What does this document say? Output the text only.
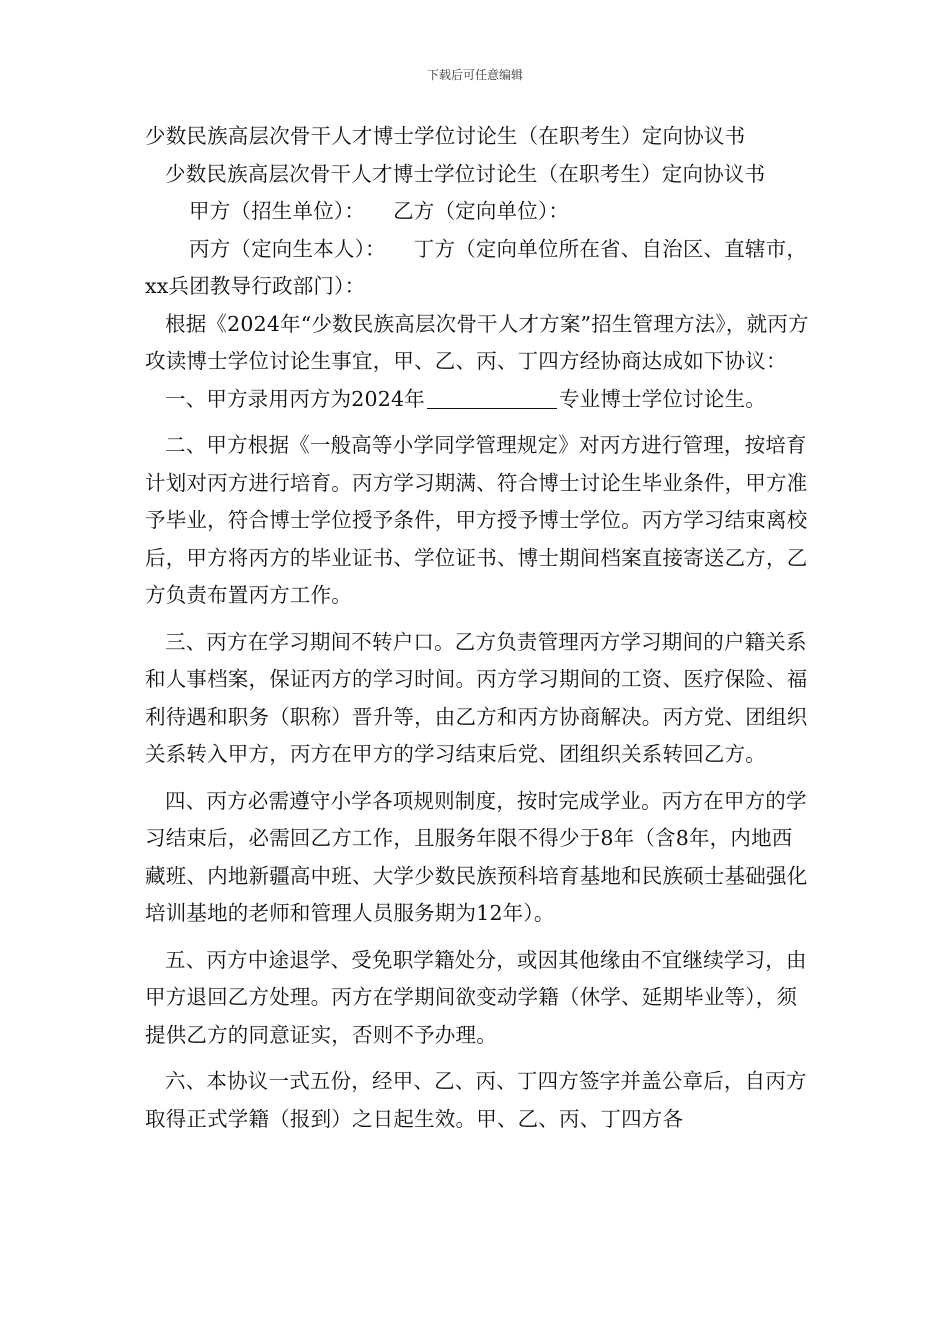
下载后可任意编辑

少数民族高层次骨干人才博士学位讨论生（在职考生）定向协议书

少数民族高层次骨干人才博士学位讨论生（在职考生）定向协议书

甲方（招生单位）： 乙方（定向单位）：

丙方（定向生本人）： 丁方（定向单位所在省、自治区、直辖市，xx兵团教导行政部门）：

根据《2024年“少数民族高层次骨干人才方案”招生管理方法》，就丙方攻读博士学位讨论生事宜，甲、乙、丙、丁四方经协商达成如下协议：

一、甲方录用丙方为2024年	专业博士学位讨论生。

二、甲方根据《一般高等小学同学管理规定》对丙方进行管理，按培育计划对丙方进行培育。丙方学习期满、符合博士讨论生毕业条件，甲方准予毕业，符合博士学位授予条件，甲方授予博士学位。丙方学习结束离校后，甲方将丙方的毕业证书、学位证书、博士期间档案直接寄送乙方，乙方负责布置丙方工作。

三、丙方在学习期间不转户口。乙方负责管理丙方学习期间的户籍关系和人事档案，保证丙方的学习时间。丙方学习期间的工资、医疗保险、福利待遇和职务（职称）晋升等，由乙方和丙方协商解决。丙方党、团组织关系转入甲方，丙方在甲方的学习结束后党、团组织关系转回乙方。

四、丙方必需遵守小学各项规则制度，按时完成学业。丙方在甲方的学习结束后，必需回乙方工作，且服务年限不得少于8年（含8年，内地西藏班、内地新疆高中班、大学少数民族预科培育基地和民族硕士基础强化培训基地的老师和管理人员服务期为12年）。

五、丙方中途退学、受免职学籍处分，或因其他缘由不宜继续学习，由甲方退回乙方处理。丙方在学期间欲变动学籍（休学、延期毕业等），须提供乙方的同意证实，否则不予办理。

六、本协议一式五份，经甲、乙、丙、丁四方签字并盖公章后，自丙方取得正式学籍（报到）之日起生效。甲、乙、丙、丁四方各
